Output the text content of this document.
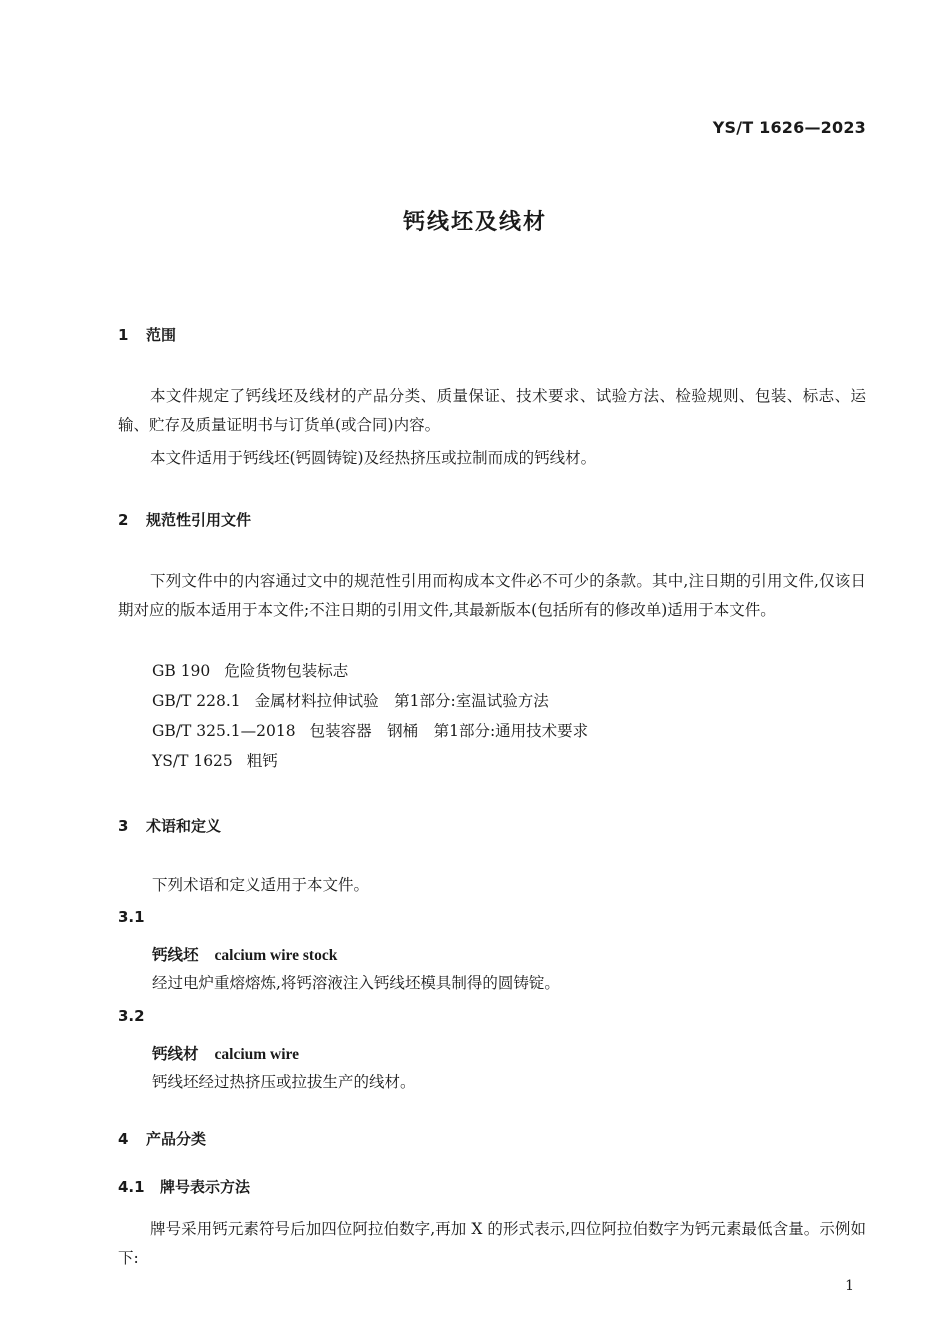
YS/T 1626—2023
钙线坯及线材
1 范围

本文件规定了钙线坯及线材的产品分类、质量保证、技术要求、试验方法、检验规则、包装、标志、运输、贮存及质量证明书与订货单(或合同)内容。

本文件适用于钙线坯(钙圆铸锭)及经热挤压或拉制而成的钙线材。

2 规范性引用文件

下列文件中的内容通过文中的规范性引用而构成本文件必不可少的条款。其中,注日期的引用文件,仅该日期对应的版本适用于本文件;不注日期的引用文件,其最新版本(包括所有的修改单)适用于本文件。

GB 190 危险货物包装标志
GB/T 228.1 金属材料拉伸试验　第1部分:室温试验方法
GB/T 325.1—2018 包装容器　钢桶　第1部分:通用技术要求
YS/T 1625 粗钙
3 术语和定义
下列术语和定义适用于本文件。
3.1
钙线坯 calcium wire stock
经过电炉重熔熔炼,将钙溶液注入钙线坯模具制得的圆铸锭。
3.2
钙线材 calcium wire
钙线坯经过热挤压或拉拔生产的线材。
4 产品分类
4.1 牌号表示方法

牌号采用钙元素符号后加四位阿拉伯数字,再加 X 的形式表示,四位阿拉伯数字为钙元素最低含量。示例如下:

1
